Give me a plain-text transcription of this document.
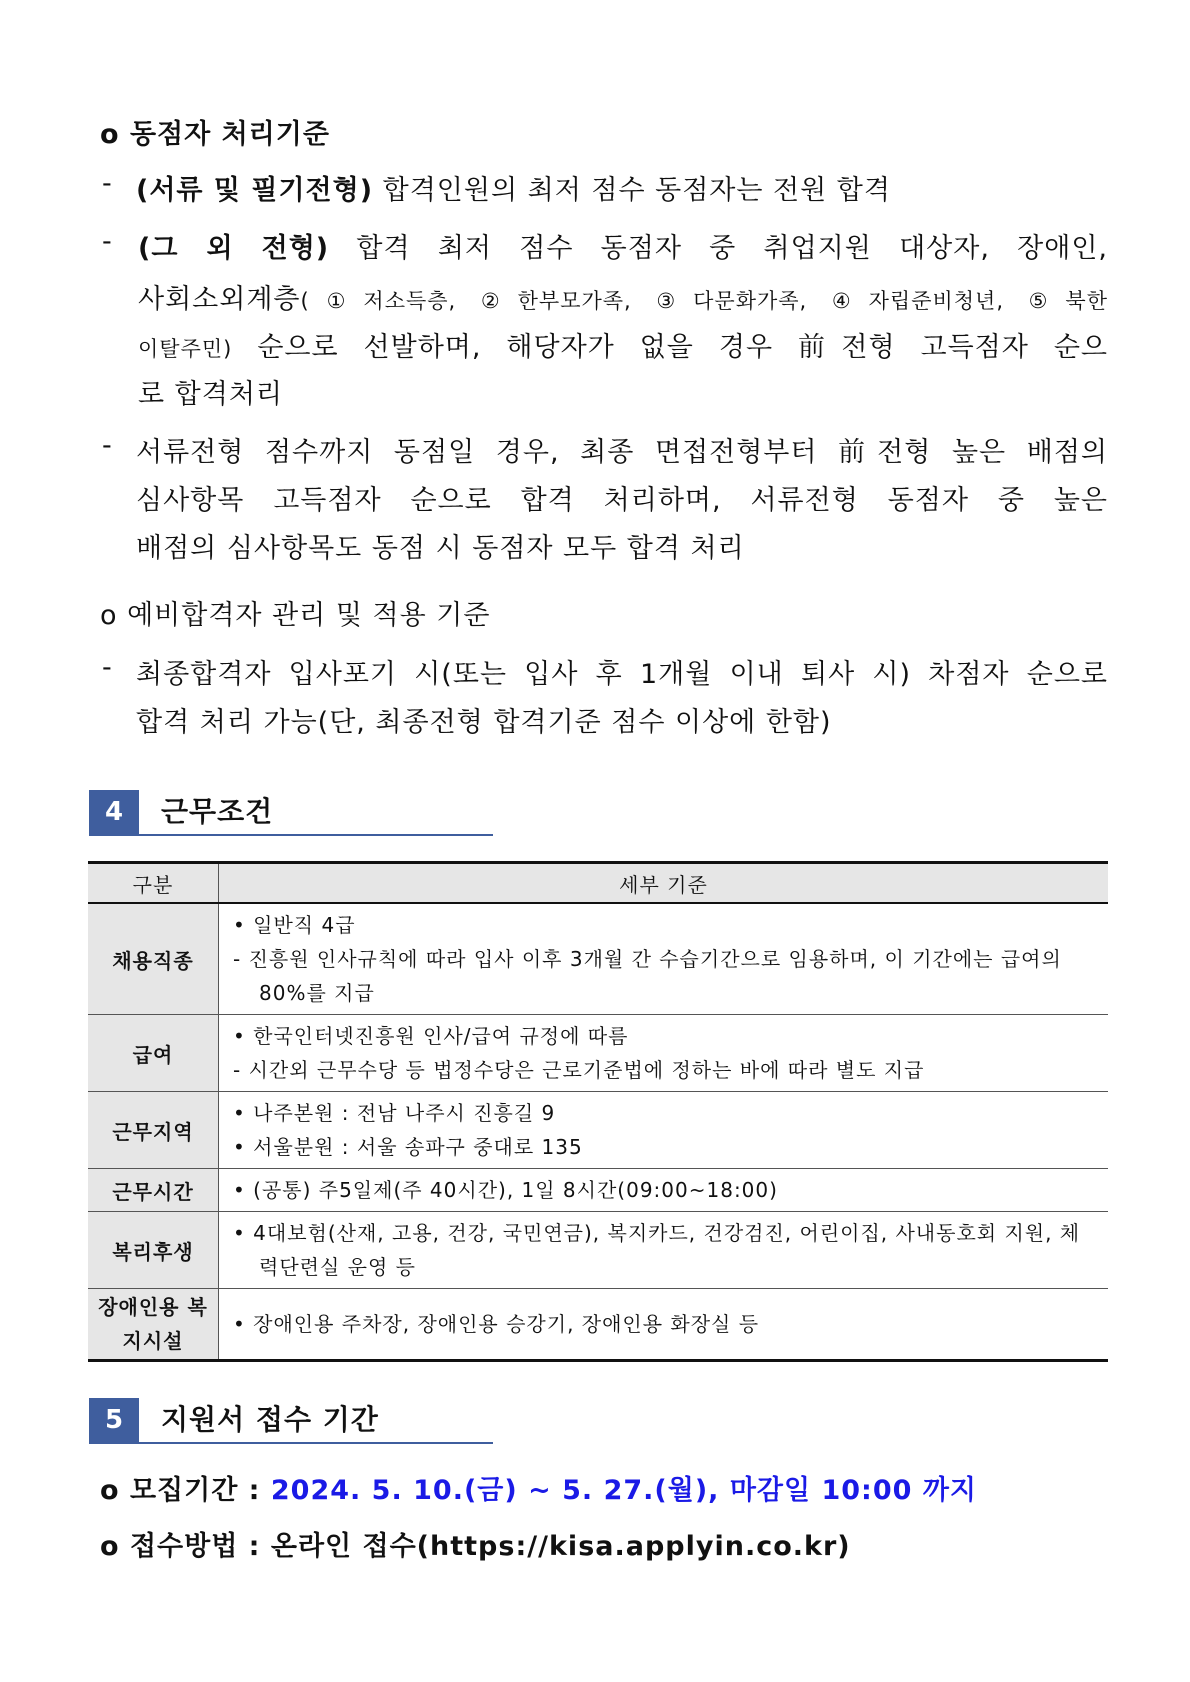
o 동점자 처리기준
- (서류 및 필기전형) 합격인원의 최저 점수 동점자는 전원 합격
- (그 외 전형) 합격 최저 점수 동점자 중 취업지원 대상자, 장애인,
사회소외계층(①저소득층, ②한부모가족, ③다문화가족, ④자립준비청년, ⑤북한
이탈주민) 순으로 선발하며, 해당자가 없을 경우 前전형 고득점자 순으
로 합격처리
- 서류전형 점수까지 동점일 경우, 최종 면접전형부터 前전형 높은 배점의
심사항목 고득점자 순으로 합격 처리하며, 서류전형 동점자 중 높은
배점의 심사항목도 동점 시 동점자 모두 합격 처리
o 예비합격자 관리 및 적용 기준
- 최종합격자 입사포기 시(또는 입사 후 1개월 이내 퇴사 시) 차점자 순으로
합격 처리 가능(단, 최종전형 합격기준 점수 이상에 한함)
4	근무조건
구분	세부 기준
채용직종	• 일반직 4급
- 진흥원 인사규칙에 따라 입사 이후 3개월 간 수습기간으로 임용하며, 이 기간에는 급여의 80%를 지급

급여	• 한국인터넷진흥원 인사/급여 규정에 따름
- 시간외 근무수당 등 법정수당은 근로기준법에 정하는 바에 따라 별도 지급

근무지역	• 나주본원 : 전남 나주시 진흥길 9
• 서울분원 : 서울 송파구 중대로 135

근무시간	• (공통) 주5일제(주 40시간), 1일 8시간(09:00~18:00)

복리후생	• 4대보험(산재, 고용, 건강, 국민연금), 복지카드, 건강검진, 어린이집, 사내동호회 지원, 체력단련실 운영 등

장애인용 복지시설	• 장애인용 주차장, 장애인용 승강기, 장애인용 화장실 등
5	지원서 접수 기간
o 모집기간 : 2024. 5. 10.(금) ~ 5. 27.(월), 마감일 10:00 까지
o 접수방법 : 온라인 접수(https://kisa.applyin.co.kr)
